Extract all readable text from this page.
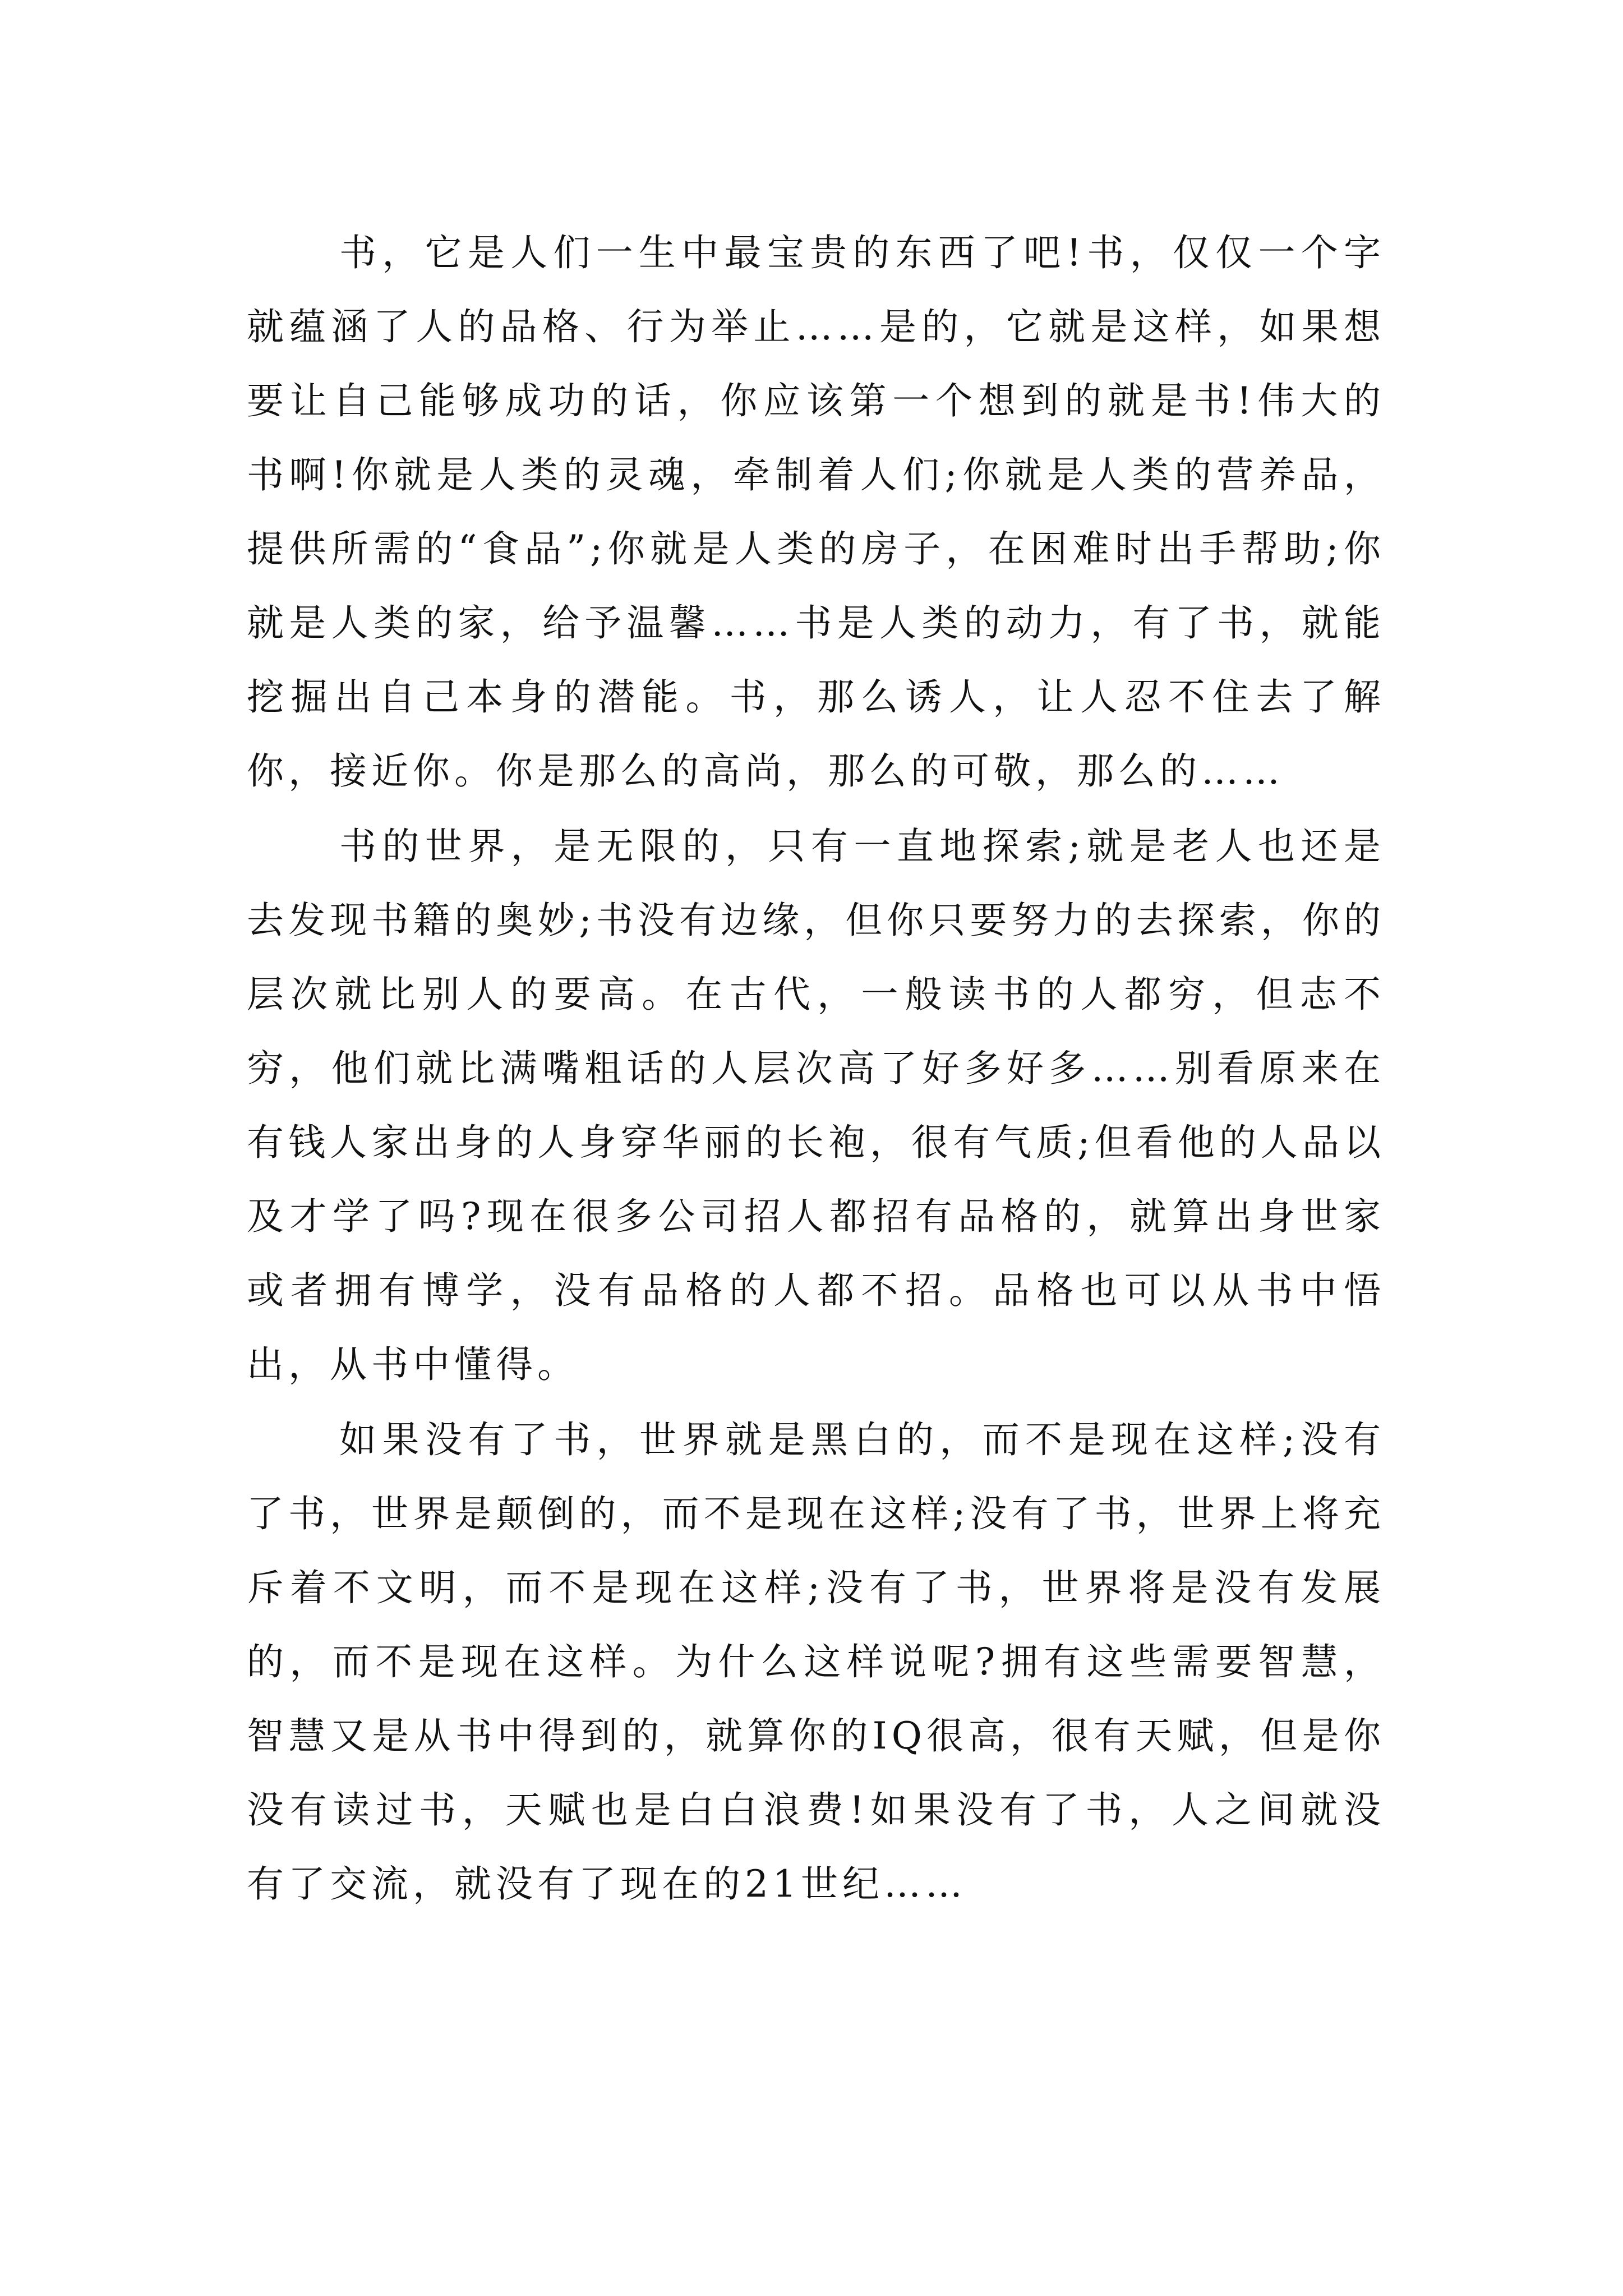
书，它是人们一生中最宝贵的东西了吧!书，仅仅一个字就蕴涵了人的品格、行为举止……是的，它就是这样，如果想要让自己能够成功的话，你应该第一个想到的就是书!伟大的书啊!你就是人类的灵魂，牵制着人们;你就是人类的营养品，提供所需的“食品”;你就是人类的房子，在困难时出手帮助;你就是人类的家，给予温馨……书是人类的动力，有了书，就能挖掘出自己本身的潜能。书，那么诱人，让人忍不住去了解你，接近你。你是那么的高尚，那么的可敬，那么的……

书的世界，是无限的，只有一直地探索;就是老人也还是去发现书籍的奥妙;书没有边缘，但你只要努力的去探索，你的层次就比别人的要高。在古代，一般读书的人都穷，但志不穷，他们就比满嘴粗话的人层次高了好多好多……别看原来在有钱人家出身的人身穿华丽的长袍，很有气质;但看他的人品以及才学了吗?现在很多公司招人都招有品格的，就算出身世家或者拥有博学，没有品格的人都不招。品格也可以从书中悟出，从书中懂得。

如果没有了书，世界就是黑白的，而不是现在这样;没有了书，世界是颠倒的，而不是现在这样;没有了书，世界上将充斥着不文明，而不是现在这样;没有了书，世界将是没有发展的，而不是现在这样。为什么这样说呢?拥有这些需要智慧，智慧又是从书中得到的，就算你的IQ很高，很有天赋，但是你没有读过书，天赋也是白白浪费!如果没有了书，人之间就没有了交流，就没有了现在的21世纪……
